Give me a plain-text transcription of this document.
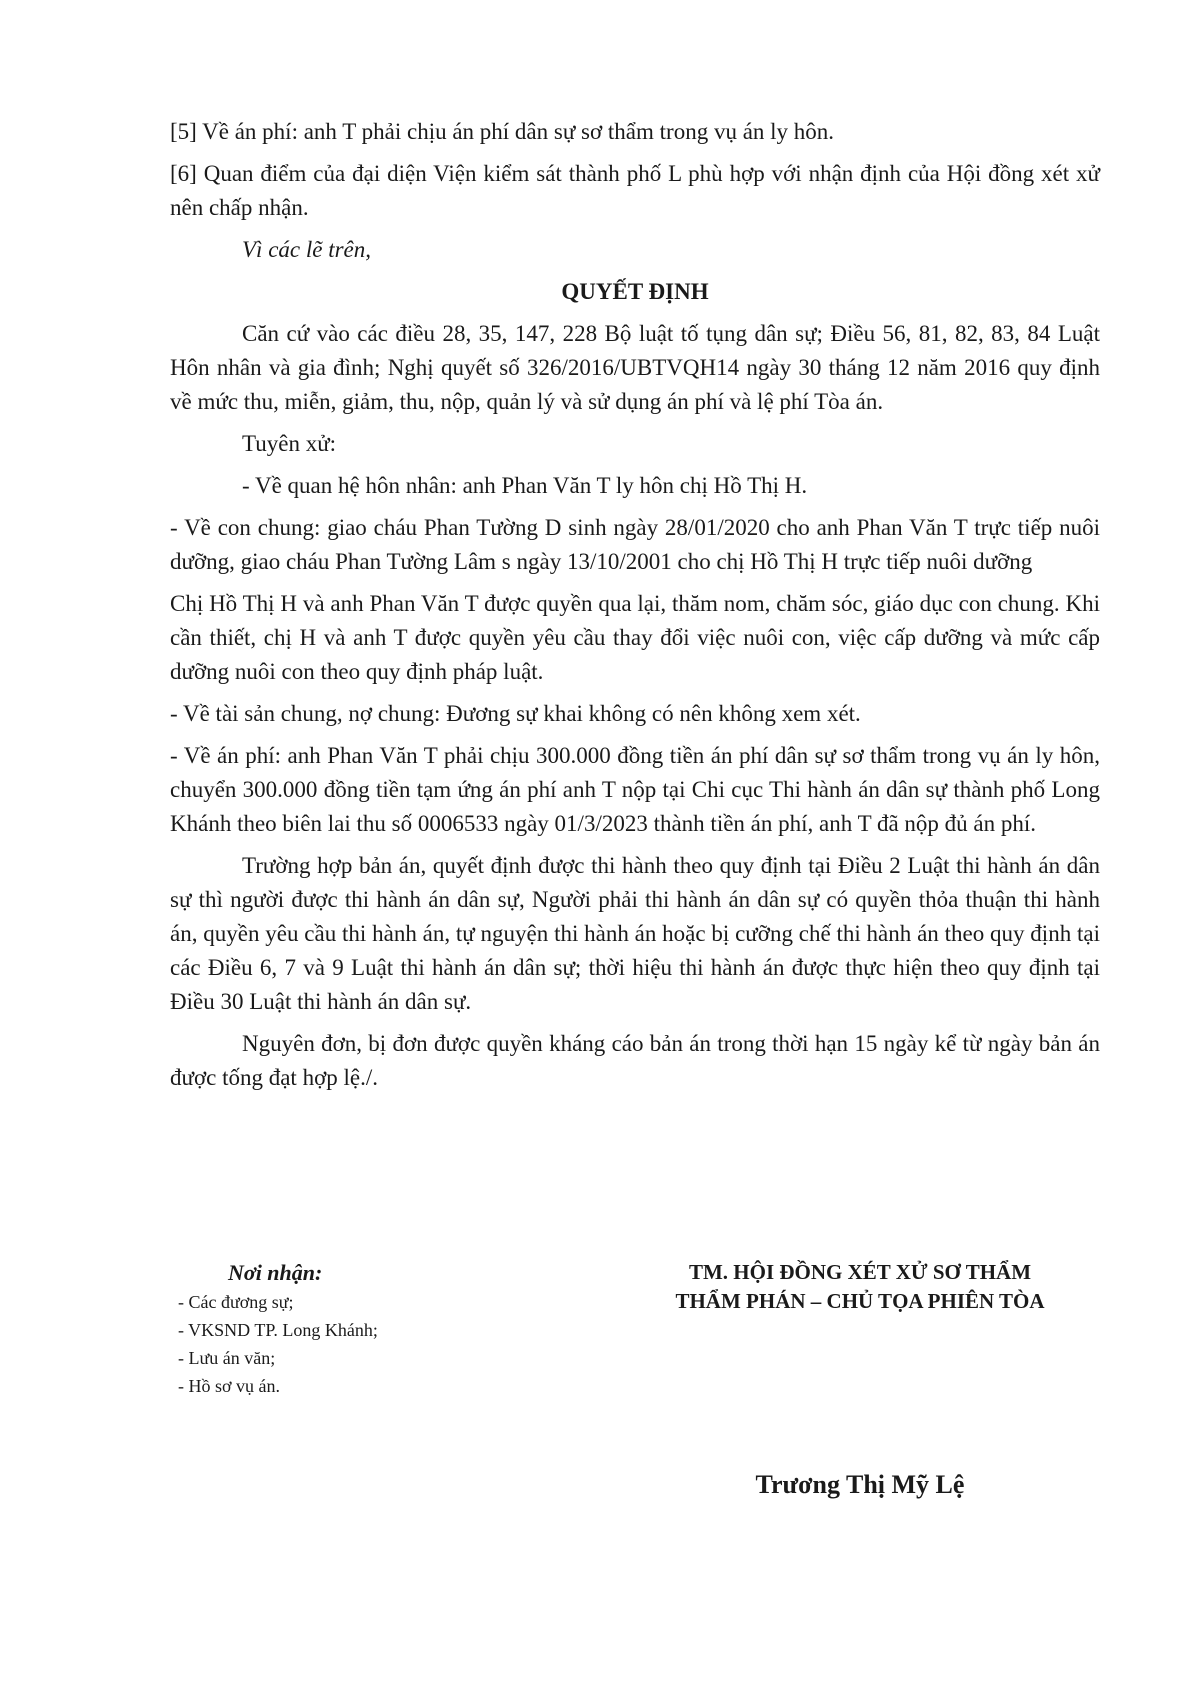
[5] Về án phí: anh T phải chịu án phí dân sự sơ thẩm trong vụ án ly hôn.

[6] Quan điểm của đại diện Viện kiểm sát thành phố L phù hợp với nhận định của Hội đồng xét xử nên chấp nhận.

Vì các lẽ trên,

QUYẾT ĐỊNH

Căn cứ vào các điều 28, 35, 147, 228 Bộ luật tố tụng dân sự; Điều 56, 81, 82, 83, 84 Luật Hôn nhân và gia đình; Nghị quyết số 326/2016/UBTVQH14 ngày 30 tháng 12 năm 2016 quy định về mức thu, miễn, giảm, thu, nộp, quản lý và sử dụng án phí và lệ phí Tòa án.

Tuyên xử:

- Về quan hệ hôn nhân: anh Phan Văn T ly hôn chị Hồ Thị H.

- Về con chung: giao cháu Phan Tường D sinh ngày 28/01/2020 cho anh Phan Văn T trực tiếp nuôi dưỡng, giao cháu Phan Tường Lâm s ngày 13/10/2001 cho chị Hồ Thị H trực tiếp nuôi dưỡng

Chị Hồ Thị H và anh Phan Văn T được quyền qua lại, thăm nom, chăm sóc, giáo dục con chung. Khi cần thiết, chị H và anh T được quyền yêu cầu thay đổi việc nuôi con, việc cấp dưỡng và mức cấp dưỡng nuôi con theo quy định pháp luật.

- Về tài sản chung, nợ chung: Đương sự khai không có nên không xem xét.

- Về án phí: anh Phan Văn T phải chịu 300.000 đồng tiền án phí dân sự sơ thẩm trong vụ án ly hôn, chuyển 300.000 đồng tiền tạm ứng án phí anh T nộp tại Chi cục Thi hành án dân sự thành phố Long Khánh theo biên lai thu số 0006533 ngày 01/3/2023 thành tiền án phí, anh T đã nộp đủ án phí.

Trường hợp bản án, quyết định được thi hành theo quy định tại Điều 2 Luật thi hành án dân sự thì người được thi hành án dân sự, Người phải thi hành án dân sự có quyền thỏa thuận thi hành án, quyền yêu cầu thi hành án, tự nguyện thi hành án hoặc bị cưỡng chế thi hành án theo quy định tại các Điều 6, 7 và 9 Luật thi hành án dân sự; thời hiệu thi hành án được thực hiện theo quy định tại Điều 30 Luật thi hành án dân sự.

Nguyên đơn, bị đơn được quyền kháng cáo bản án trong thời hạn 15 ngày kể từ ngày bản án được tống đạt hợp lệ./.

Nơi nhận:
- Các đương sự;
- VKSND TP. Long Khánh;
- Lưu án văn;
- Hồ sơ vụ án.
TM. HỘI ĐỒNG XÉT XỬ SƠ THẨM
THẨM PHÁN – CHỦ TỌA PHIÊN TÒA
Trương Thị Mỹ Lệ
